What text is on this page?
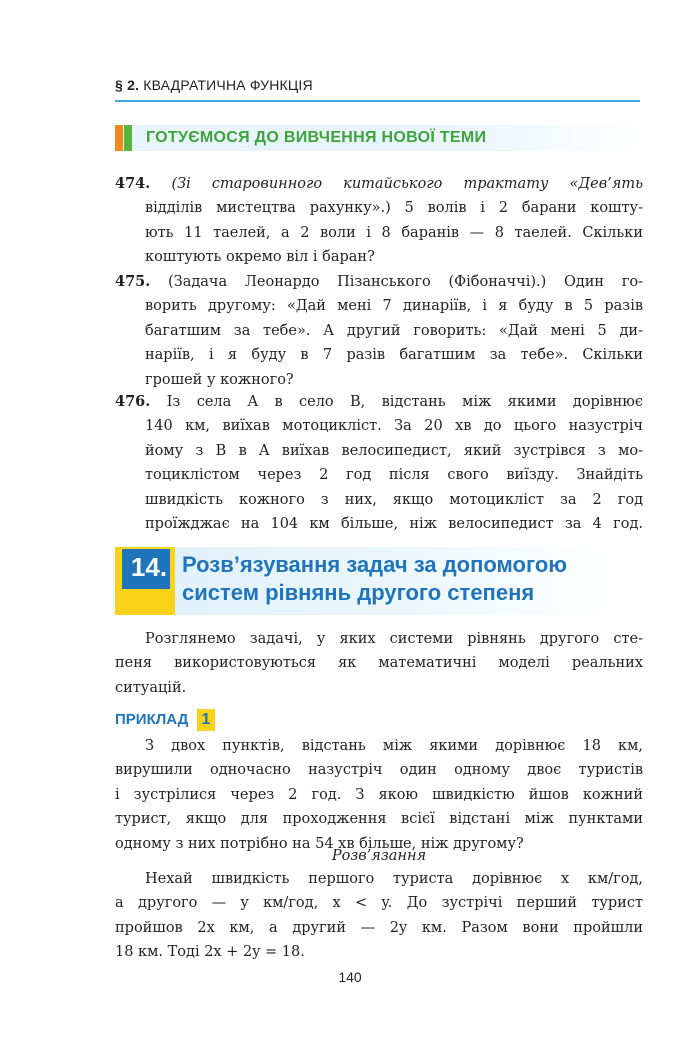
§ 2. КВАДРАТИЧНА ФУНКЦІЯ
ГОТУЄМОСЯ ДО ВИВЧЕННЯ НОВОЇ ТЕМИ
474. (Зі старовинного китайського трактату «Дев’ять
відділів мистецтва рахунку».) 5 волів і 2 барани кошту-
ють 11 таелей, а 2 воли і 8 баранів — 8 таелей. Скільки
коштують окремо віл і баран?
475. (Задача Леонардо Пізанського (Фібоначчі).) Один го-
ворить другому: «Дай мені 7 динаріїв, і я буду в 5 разів
багатшим за тебе». А другий говорить: «Дай мені 5 ди-
наріїв, і я буду в 7 разів багатшим за тебе». Скільки
грошей у кожного?
476. Із села A в село B, відстань між якими дорівнює
140 км, виїхав мотоцикліст. За 20 хв до цього назустріч
йому з B в A виїхав велосипедист, який зустрівся з мо-
тоциклістом через 2 год після свого виїзду. Знайдіть
швидкість кожного з них, якщо мотоцикліст за 2 год
проїжджає на 104 км більше, ніж велосипедист за 4 год.
14. Розв’язування задач за допомогою
систем рівнянь другого степеня
Розглянемо задачі, у яких системи рівнянь другого сте-
пеня використовуються як математичні моделі реальних
ситуацій.
ПРИКЛАД 1
З двох пунктів, відстань між якими дорівнює 18 км,
вирушили одночасно назустріч один одному двоє туристів
і зустрілися через 2 год. З якою швидкістю йшов кожний
турист, якщо для проходження всієї відстані між пунктами
одному з них потрібно на 54 хв більше, ніж другому?
Розв’язання
Нехай швидкість першого туриста дорівнює x км/год,
а другого — y км/год, x < y. До зустрічі перший турист
пройшов 2x км, а другий — 2y км. Разом вони пройшли
18 км. Тоді 2x + 2y = 18.
140
